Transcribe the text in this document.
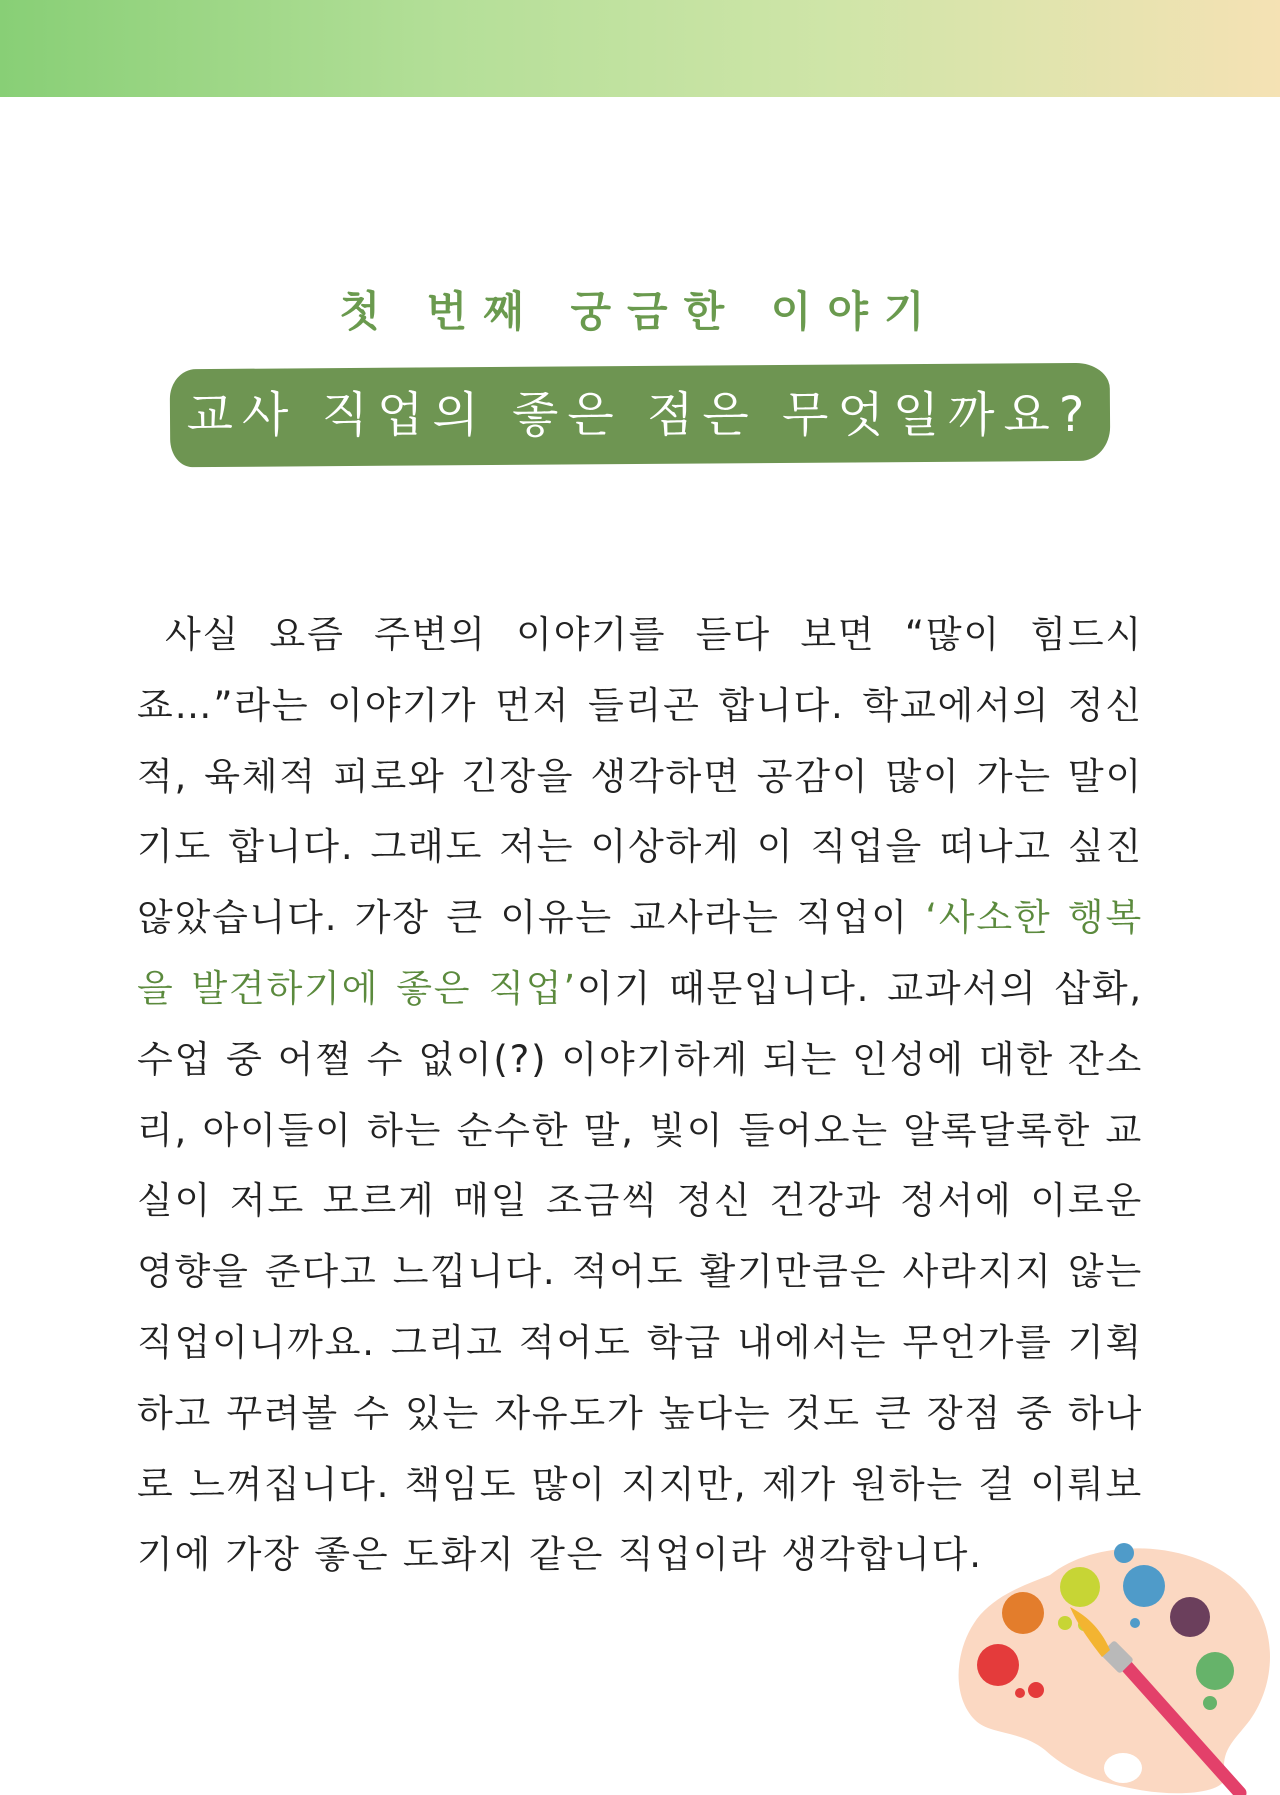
첫 번째 궁금한 이야기
교사 직업의 좋은 점은 무엇일까요?

사실 요즘 주변의 이야기를 듣다 보면 “많이 힘드시죠…”라는 이야기가 먼저 들리곤 합니다. 학교에서의 정신적, 육체적 피로와 긴장을 생각하면 공감이 많이 가는 말이기도 합니다. 그래도 저는 이상하게 이 직업을 떠나고 싶진 않았습니다. 가장 큰 이유는 교사라는 직업이 ‘사소한 행복을 발견하기에 좋은 직업’이기 때문입니다. 교과서의 삽화, 수업 중 어쩔 수 없이(?) 이야기하게 되는 인성에 대한 잔소리, 아이들이 하는 순수한 말, 빛이 들어오는 알록달록한 교실이 저도 모르게 매일 조금씩 정신 건강과 정서에 이로운 영향을 준다고 느낍니다. 적어도 활기만큼은 사라지지 않는 직업이니까요. 그리고 적어도 학급 내에서는 무언가를 기획하고 꾸려볼 수 있는 자유도가 높다는 것도 큰 장점 중 하나로 느껴집니다. 책임도 많이 지지만, 제가 원하는 걸 이뤄보기에 가장 좋은 도화지 같은 직업이라 생각합니다.
